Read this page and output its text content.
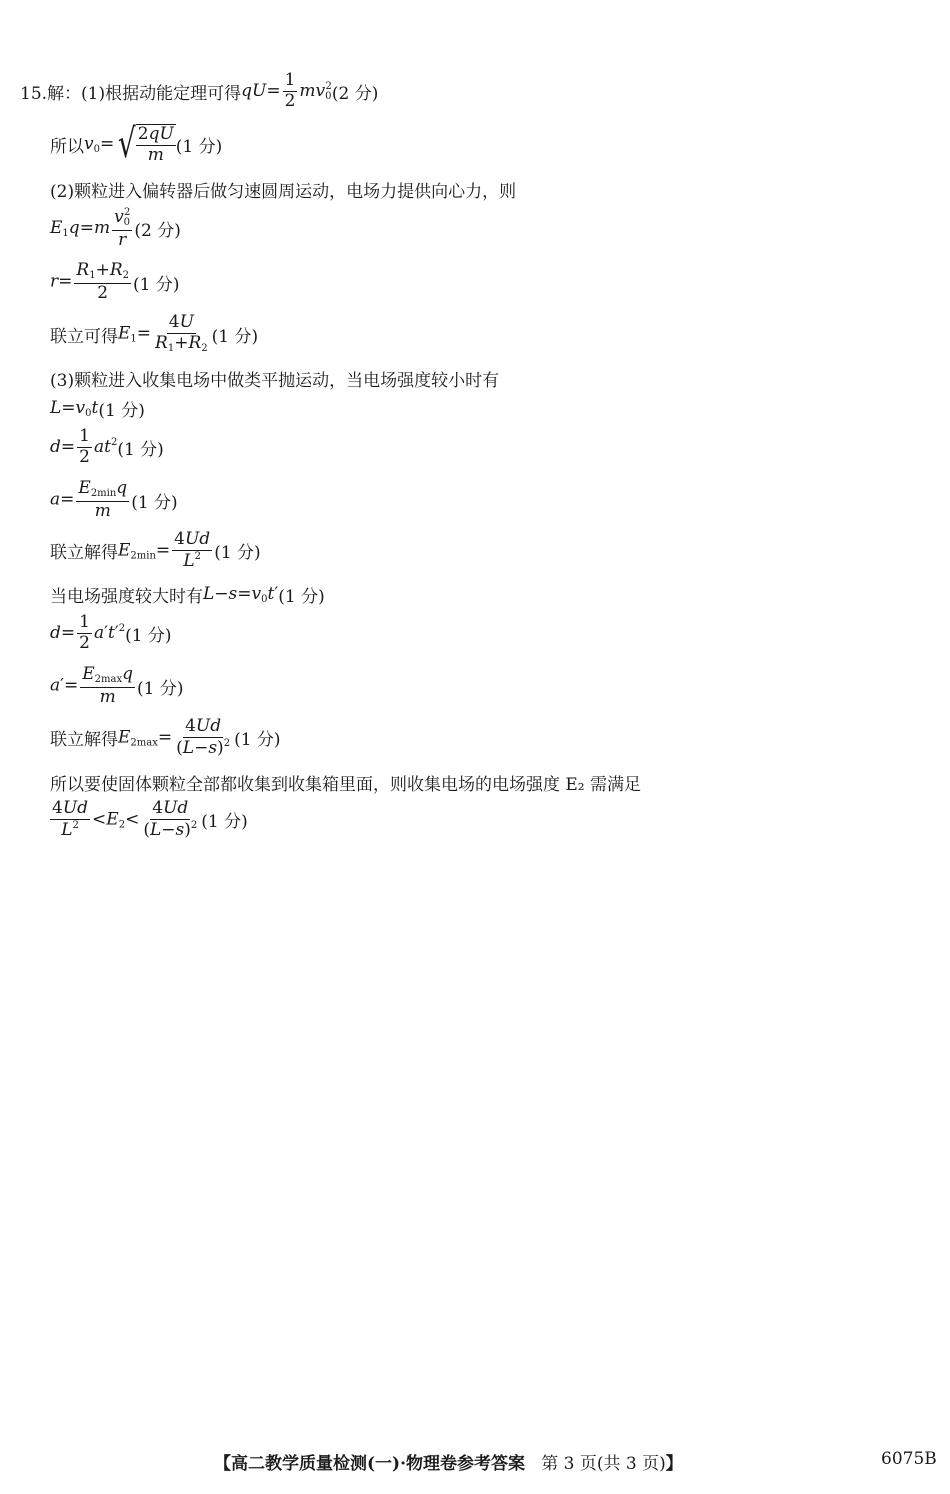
15.解：(1)根据动能定理可得 $qU= \frac{1}{2} mv_0^2$ (2 分)
所以 $v_0=$ √ $\frac{2qU}{m} (1$ 分)
(2)颗粒进入偏转器后做匀速圆周运动，电场力提供向心力，则
$E_1q=m \frac{v_0^2}{r} (2$ 分)
$r= \frac{R_1+R_2}{2} (1$ 分)
联立可得 $E_1= \frac{4U}{R_1+R_2} (1$ 分)
(3)颗粒进入收集电场中做类平抛运动，当电场强度较小时有
$L=v_0t$ (1 分)
$d= \frac{1}{2} at^2$ (1 分)
$a= \frac{E_{2min}q}{m} (1$ 分)
联立解得 $E_{2min}= \frac{4Ud}{L^2} (1$ 分)
当电场强度较大时有 $L-s=v_0t'$ (1 分)
$d= \frac{1}{2} a't'^2$ (1 分)
$a'= \frac{E_{2max}q}{m} (1$ 分)
联立解得 $E_{2max}= \frac{4Ud}{(L-s)^2} (1$ 分)
所以要使固体颗粒全部都收集到收集箱里面，则收集电场的电场强度 E₂ 需满足
$\frac{4Ud}{L^2} <E_2< \frac{4Ud}{(L-s)^2} (1$ 分)
【高二教学质量检测(一)·物理卷参考答案 第 3 页(共 3 页)】	6075B
